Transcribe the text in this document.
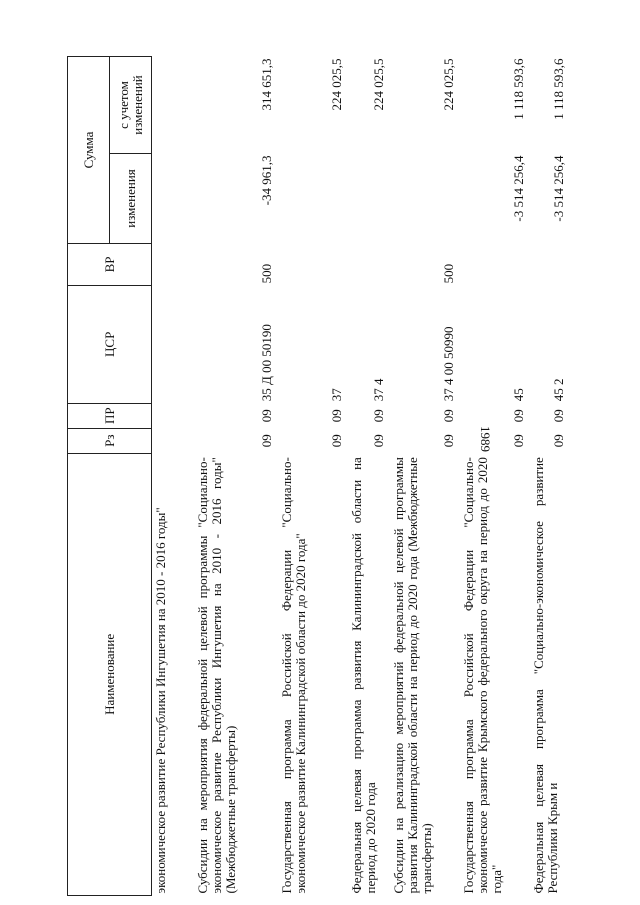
1989
Наименование	Рз	ПР	ЦСР	ВР	Сумма	
					изменения	с учетом изменений
экономическое развитие Республики Ингушетия на 2010 - 2016 годы"						
Субсидии на мероприятия федеральной целевой программы "Социально-экономическое развитие Республики Ингушетия на 2010 - 2016 годы" (Межбюджетные трансферты)	09	09	35 Д 00 50190	500	-34 961,3	314 651,3
Государственная программа Российской Федерации "Социально-экономическое развитие Калининградской области до 2020 года"	09	09	37			224 025,5
Федеральная целевая программа развития Калининградской области на период до 2020 года	09	09	37 4			224 025,5
Субсидии на реализацию мероприятий федеральной целевой программы развития Калининградской области на период до 2020 года (Межбюджетные трансферты)	09	09	37 4 00 50990	500		224 025,5
Государственная программа Российской Федерации "Социально-экономическое развитие Крымского федерального округа на период до 2020 года"	09	09	45		-3 514 256,4	1 118 593,6
Федеральная целевая программа "Социально-экономическое развитие Республики Крым и	09	09	45 2		-3 514 256,4	1 118 593,6
